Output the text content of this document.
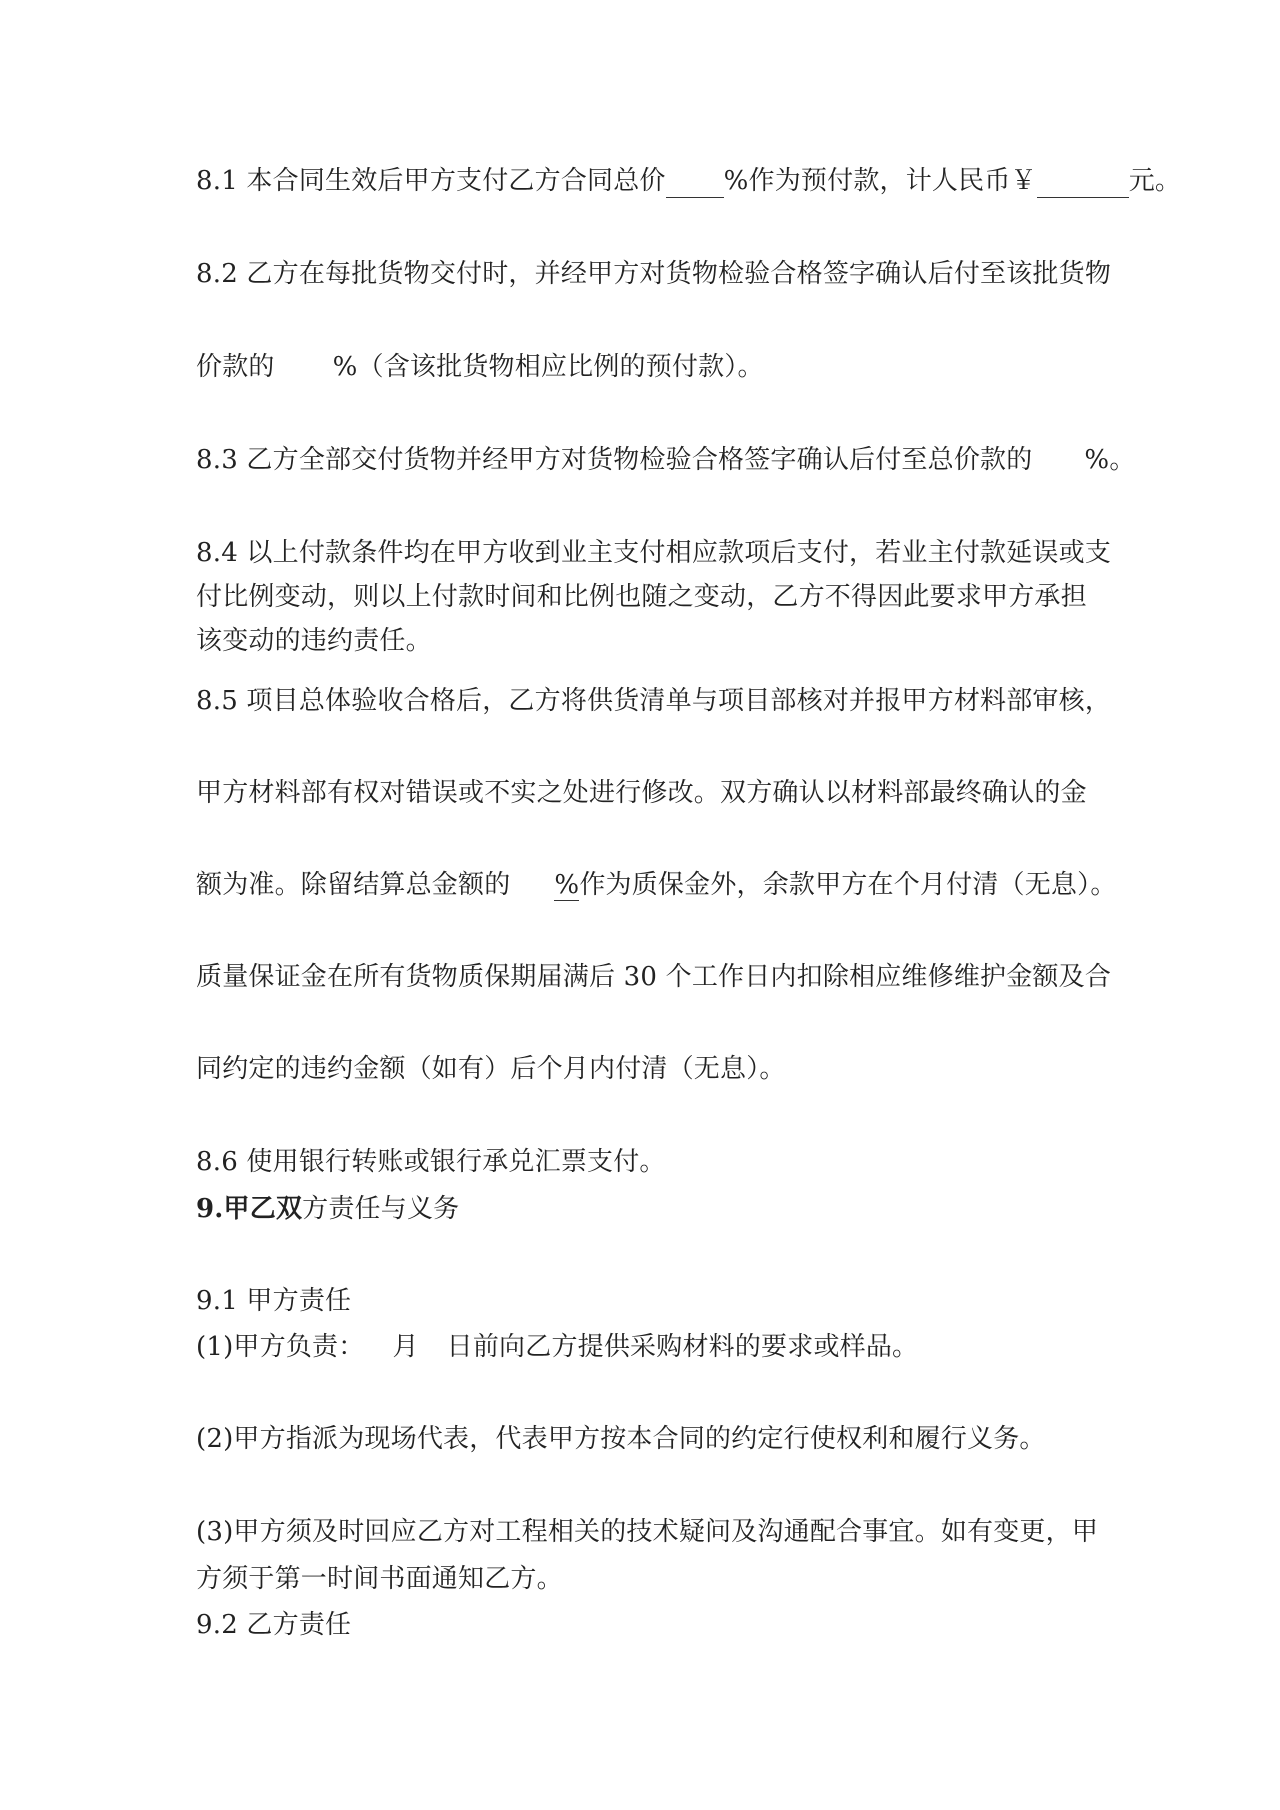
8.1 本合同生效后甲方支付乙方合同总价 %作为预付款，计人民币￥	元。
8.2 乙方在每批货物交付时，并经甲方对货物检验合格签字确认后付至该批货物
价款的 %（含该批货物相应比例的预付款）。
8.3 乙方全部交付货物并经甲方对货物检验合格签字确认后付至总价款的 %。
8.4 以上付款条件均在甲方收到业主支付相应款项后支付，若业主付款延误或支
付比例变动，则以上付款时间和比例也随之变动，乙方不得因此要求甲方承担
该变动的违约责任。
8.5 项目总体验收合格后，乙方将供货清单与项目部核对并报甲方材料部审核，
甲方材料部有权对错误或不实之处进行修改。双方确认以材料部最终确认的金
额为准。除留结算总金额的 %作为质保金外，余款甲方在个月付清（无息）。
质量保证金在所有货物质保期届满后 30 个工作日内扣除相应维修维护金额及合
同约定的违约金额（如有）后个月内付清（无息）。
8.6 使用银行转账或银行承兑汇票支付。
9.甲乙双方责任与义务
9.1 甲方责任
(1)甲方负责： 月 日前向乙方提供采购材料的要求或样品。
(2)甲方指派为现场代表，代表甲方按本合同的约定行使权利和履行义务。
(3)甲方须及时回应乙方对工程相关的技术疑问及沟通配合事宜。如有变更，甲
方须于第一时间书面通知乙方。
9.2 乙方责任
